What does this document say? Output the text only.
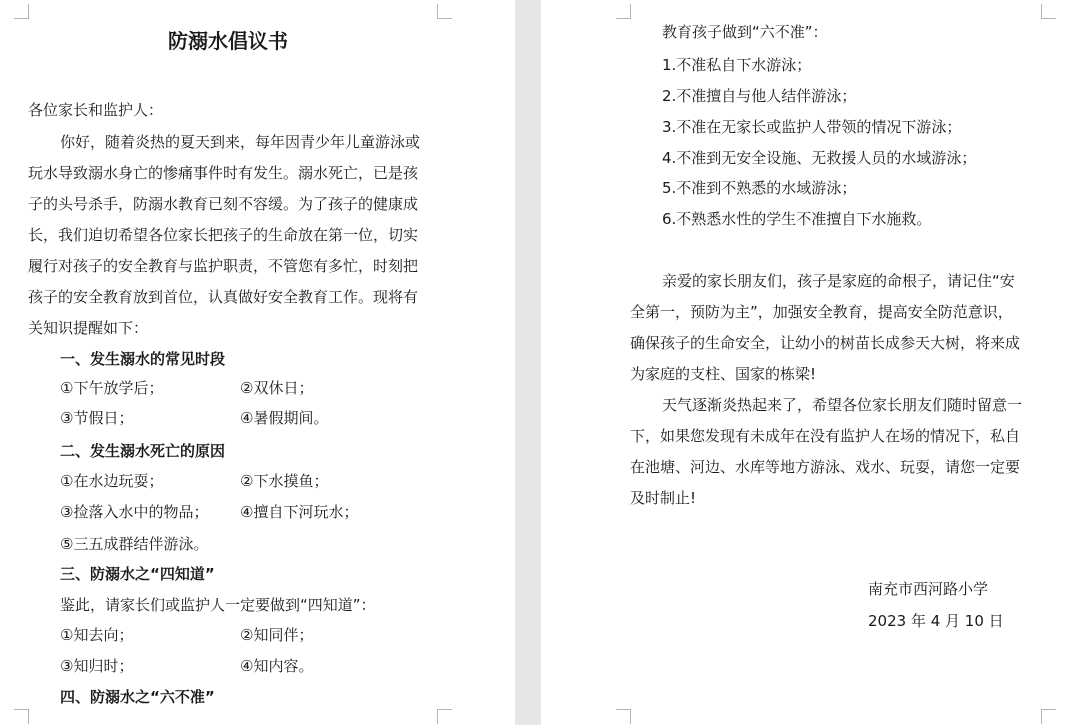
防溺水倡议书
各位家长和监护人：
你好，随着炎热的夏天到来，每年因青少年儿童游泳或
玩水导致溺水身亡的惨痛事件时有发生。溺水死亡，已是孩
子的头号杀手，防溺水教育已刻不容缓。为了孩子的健康成
长，我们迫切希望各位家长把孩子的生命放在第一位，切实
履行对孩子的安全教育与监护职责，不管您有多忙，时刻把
孩子的安全教育放到首位，认真做好安全教育工作。现将有
关知识提醒如下：
一、发生溺水的常见时段
①下午放学后；	②双休日；
③节假日；	④暑假期间。
二、发生溺水死亡的原因
①在水边玩耍；	②下水摸鱼；
③捡落入水中的物品； ④擅自下河玩水；
⑤三五成群结伴游泳。
三、防溺水之“四知道”
鉴此，请家长们或监护人一定要做到“四知道”：
①知去向；	②知同伴；
③知归时；	④知内容。
四、防溺水之“六不准”
教育孩子做到“六不准”：
1.不准私自下水游泳；
2.不准擅自与他人结伴游泳；
3.不准在无家长或监护人带领的情况下游泳；
4.不准到无安全设施、无救援人员的水域游泳；
5.不准到不熟悉的水域游泳；
6.不熟悉水性的学生不准擅自下水施救。
亲爱的家长朋友们，孩子是家庭的命根子，请记住“安
全第一，预防为主”，加强安全教育，提高安全防范意识，
确保孩子的生命安全，让幼小的树苗长成参天大树，将来成
为家庭的支柱、国家的栋梁!
天气逐渐炎热起来了，希望各位家长朋友们随时留意一
下，如果您发现有未成年在没有监护人在场的情况下，私自
在池塘、河边、水库等地方游泳、戏水、玩耍，请您一定要
及时制止!
南充市西河路小学
2023 年 4 月 10 日
